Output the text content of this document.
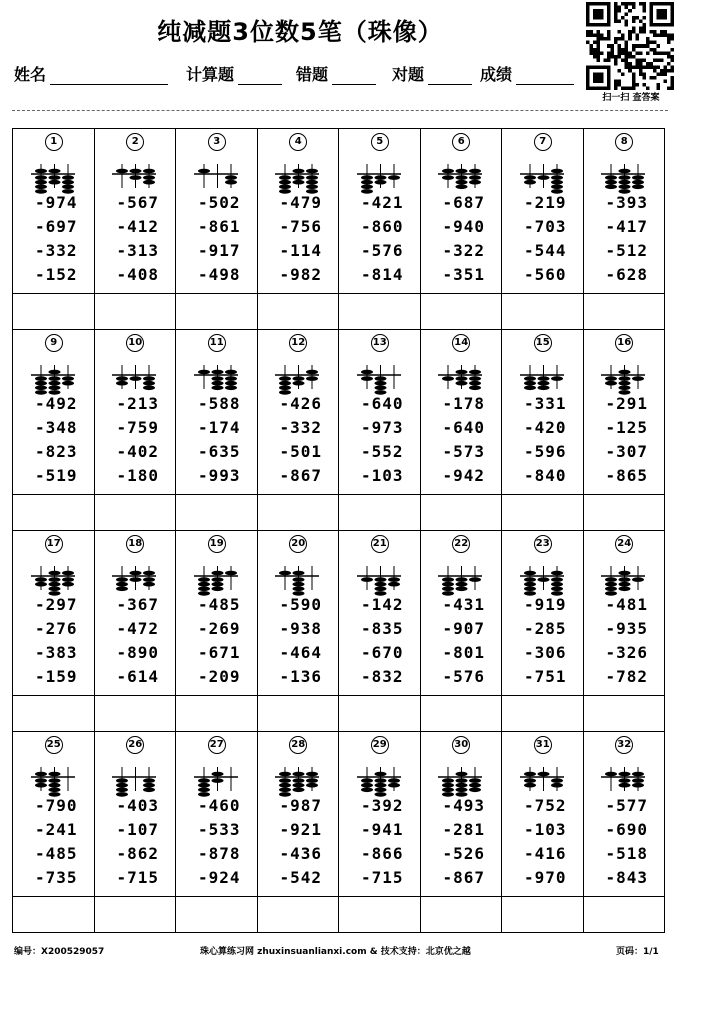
纯减题3位数5笔（珠像）
扫一扫 查答案
姓名	计算题	错题	对题	成绩
1
-974
-697
-332
-152
2
-567
-412
-313
-408
3
-502
-861
-917
-498
4
-479
-756
-114
-982
5
-421
-860
-576
-814
6
-687
-940
-322
-351
7
-219
-703
-544
-560
8
-393
-417
-512
-628
9
-492
-348
-823
-519
10
-213
-759
-402
-180
11
-588
-174
-635
-993
12
-426
-332
-501
-867
13
-640
-973
-552
-103
14
-178
-640
-573
-942
15
-331
-420
-596
-840
16
-291
-125
-307
-865
17
-297
-276
-383
-159
18
-367
-472
-890
-614
19
-485
-269
-671
-209
20
-590
-938
-464
-136
21
-142
-835
-670
-832
22
-431
-907
-801
-576
23
-919
-285
-306
-751
24
-481
-935
-326
-782
25
-790
-241
-485
-735
26
-403
-107
-862
-715
27
-460
-533
-878
-924
28
-987
-921
-436
-542
29
-392
-941
-866
-715
30
-493
-281
-526
-867
31
-752
-103
-416
-970
32
-577
-690
-518
-843
编号：X200529057	珠心算练习网 zhuxinsuanlianxi.com & 技术支持：北京优之越	页码：1/1
